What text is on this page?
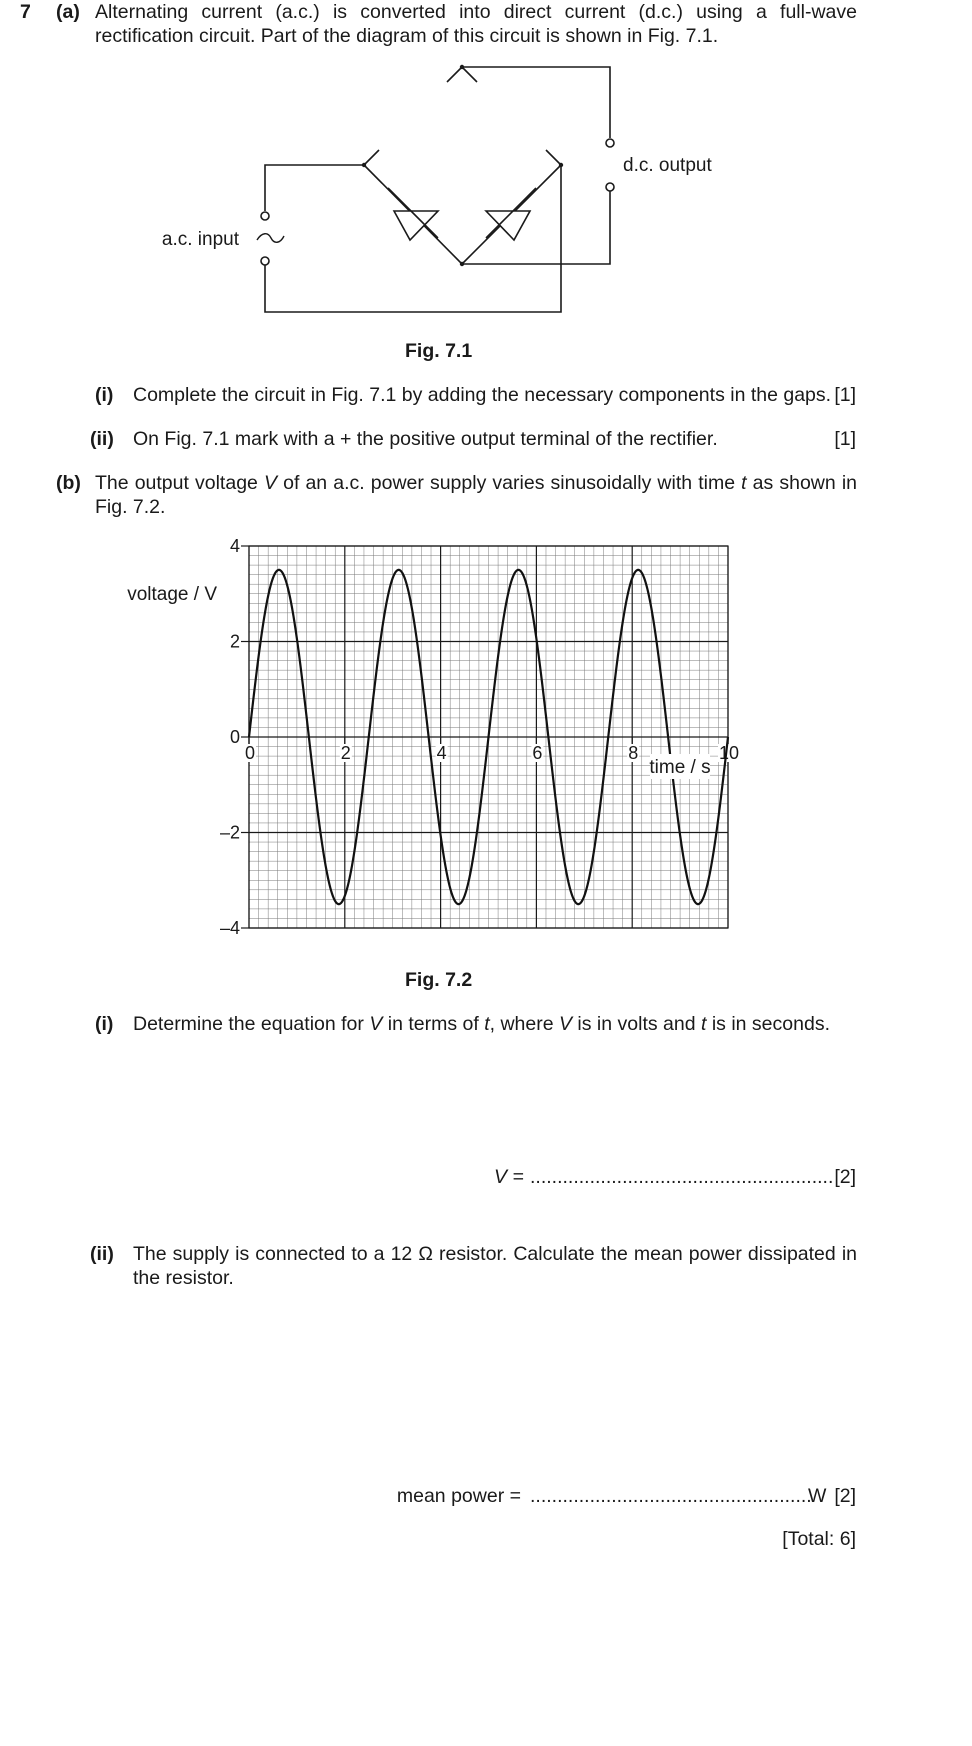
7 (a) Alternating current (a.c.) is converted into direct current (d.c.) using a full-wave rectification circuit. Part of the diagram of this circuit is shown in Fig. 7.1.
a.c. input
d.c. output
Fig. 7.1
(i) Complete the circuit in Fig. 7.1 by adding the necessary components in the gaps. [1]
(ii) On Fig. 7.1 mark with a + the positive output terminal of the rectifier.	[1]
(b) The output voltage V of an a.c. power supply varies sinusoidally with time t as shown in Fig. 7.2.
4
2
0
–2
–4
0	2	4	6	8	10
voltage / V
time / s
Fig. 7.2
(i) Determine the equation for V in terms of t, where V is in volts and t is in seconds.
V = ........................................................ [2]
(ii) The supply is connected to a 12 Ω resistor. Calculate the mean power dissipated in the resistor.
mean power = ....................................................
W [2]
[Total: 6]
